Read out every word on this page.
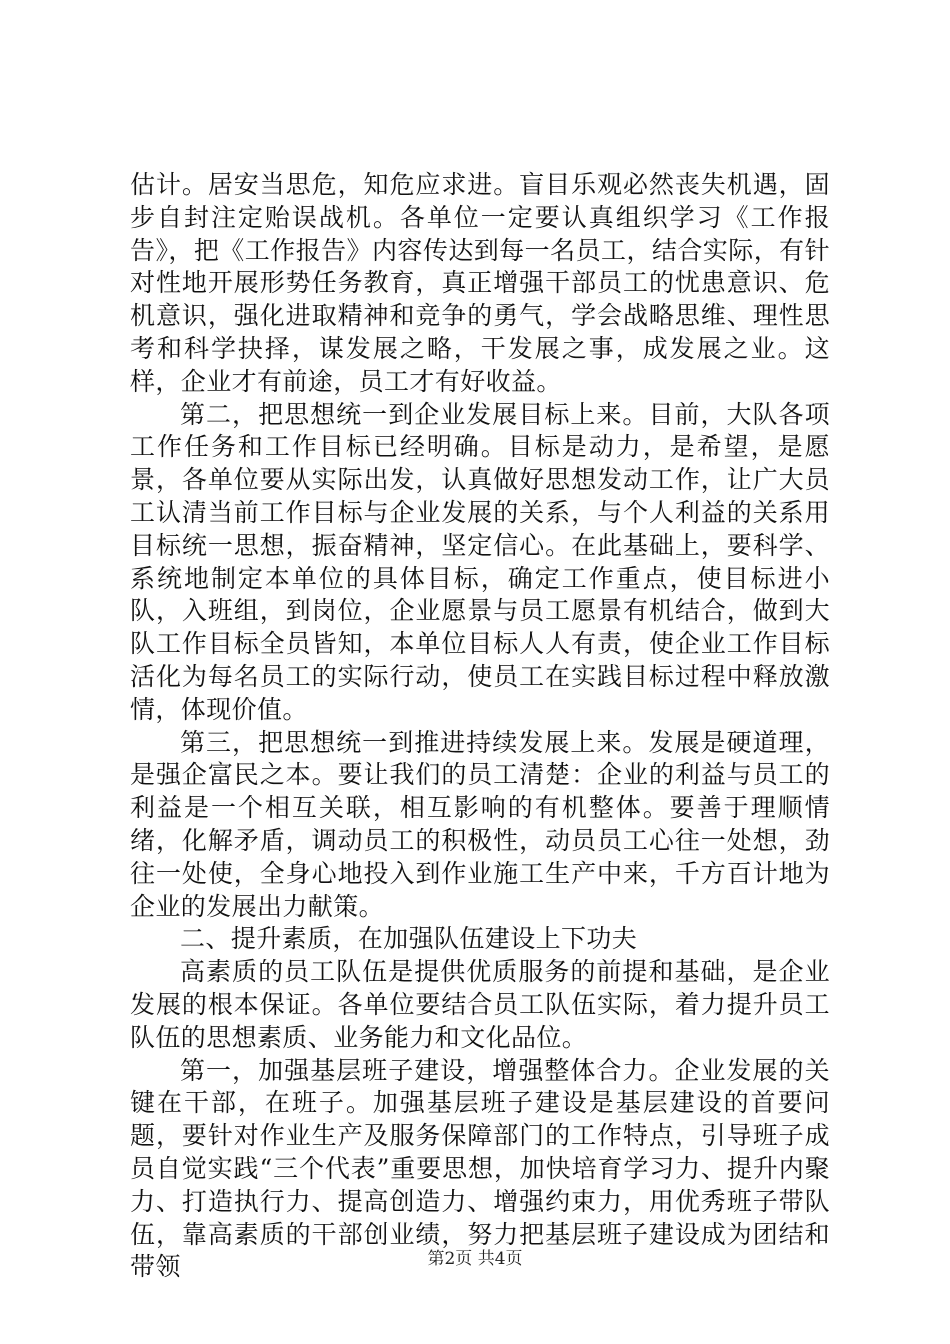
估计。居安当思危，知危应求进。盲目乐观必然丧失机遇，固步自封注定贻误战机。各单位一定要认真组织学习《工作报告》，把《工作报告》内容传达到每一名员工，结合实际，有针对性地开展形势任务教育，真正增强干部员工的忧患意识、危机意识，强化进取精神和竞争的勇气，学会战略思维、理性思考和科学抉择，谋发展之略，干发展之事，成发展之业。这样，企业才有前途，员工才有好收益。

第二，把思想统一到企业发展目标上来。目前，大队各项工作任务和工作目标已经明确。目标是动力，是希望，是愿景，各单位要从实际出发，认真做好思想发动工作，让广大员工认清当前工作目标与企业发展的关系，与个人利益的关系用目标统一思想，振奋精神，坚定信心。在此基础上，要科学、系统地制定本单位的具体目标，确定工作重点，使目标进小队，入班组，到岗位，企业愿景与员工愿景有机结合，做到大队工作目标全员皆知，本单位目标人人有责，使企业工作目标活化为每名员工的实际行动，使员工在实践目标过程中释放激情，体现价值。

第三，把思想统一到推进持续发展上来。发展是硬道理，是强企富民之本。要让我们的员工清楚：企业的利益与员工的利益是一个相互关联，相互影响的有机整体。要善于理顺情绪，化解矛盾，调动员工的积极性，动员员工心往一处想，劲往一处使，全身心地投入到作业施工生产中来，千方百计地为企业的发展出力献策。

二、提升素质，在加强队伍建设上下功夫

高素质的员工队伍是提供优质服务的前提和基础，是企业发展的根本保证。各单位要结合员工队伍实际，着力提升员工队伍的思想素质、业务能力和文化品位。

第一，加强基层班子建设，增强整体合力。企业发展的关键在干部，在班子。加强基层班子建设是基层建设的首要问题，要针对作业生产及服务保障部门的工作特点，引导班子成员自觉实践“三个代表”重要思想，加快培育学习力、提升内聚力、打造执行力、提高创造力、增强约束力，用优秀班子带队伍，靠高素质的干部创业绩，努力把基层班子建设成为团结和带领	第2页 共4页
